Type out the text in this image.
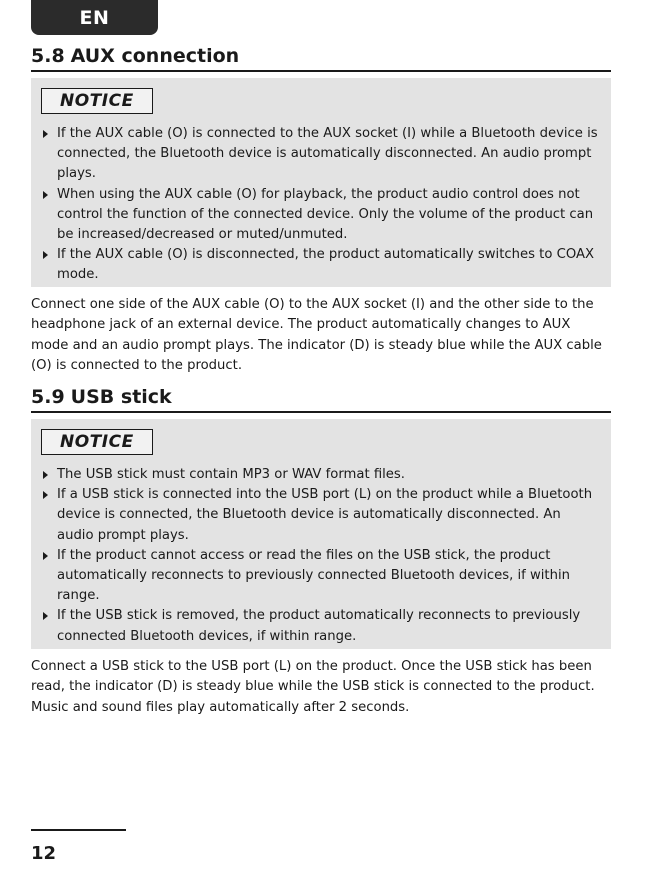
EN
5.8 AUX connection
NOTICE
If the AUX cable (O) is connected to the AUX socket (I) while a Bluetooth device is connected, the Bluetooth device is automatically disconnected. An audio prompt plays.
When using the AUX cable (O) for playback, the product audio control does not control the function of the connected device. Only the volume of the product can be increased/decreased or muted/unmuted.
If the AUX cable (O) is disconnected, the product automatically switches to COAX mode.

Connect one side of the AUX cable (O) to the AUX socket (I) and the other side to the headphone jack of an external device. The product automatically changes to AUX mode and an audio prompt plays. The indicator (D) is steady blue while the AUX cable (O) is connected to the product.

5.9 USB stick
NOTICE
The USB stick must contain MP3 or WAV format files.
If a USB stick is connected into the USB port (L) on the product while a Bluetooth device is connected, the Bluetooth device is automatically disconnected. An audio prompt plays.
If the product cannot access or read the files on the USB stick, the product automatically reconnects to previously connected Bluetooth devices, if within range.
If the USB stick is removed, the product automatically reconnects to previously connected Bluetooth devices, if within range.

Connect a USB stick to the USB port (L) on the product. Once the USB stick has been read, the indicator (D) is steady blue while the USB stick is connected to the product. Music and sound files play automatically after 2 seconds.

12
